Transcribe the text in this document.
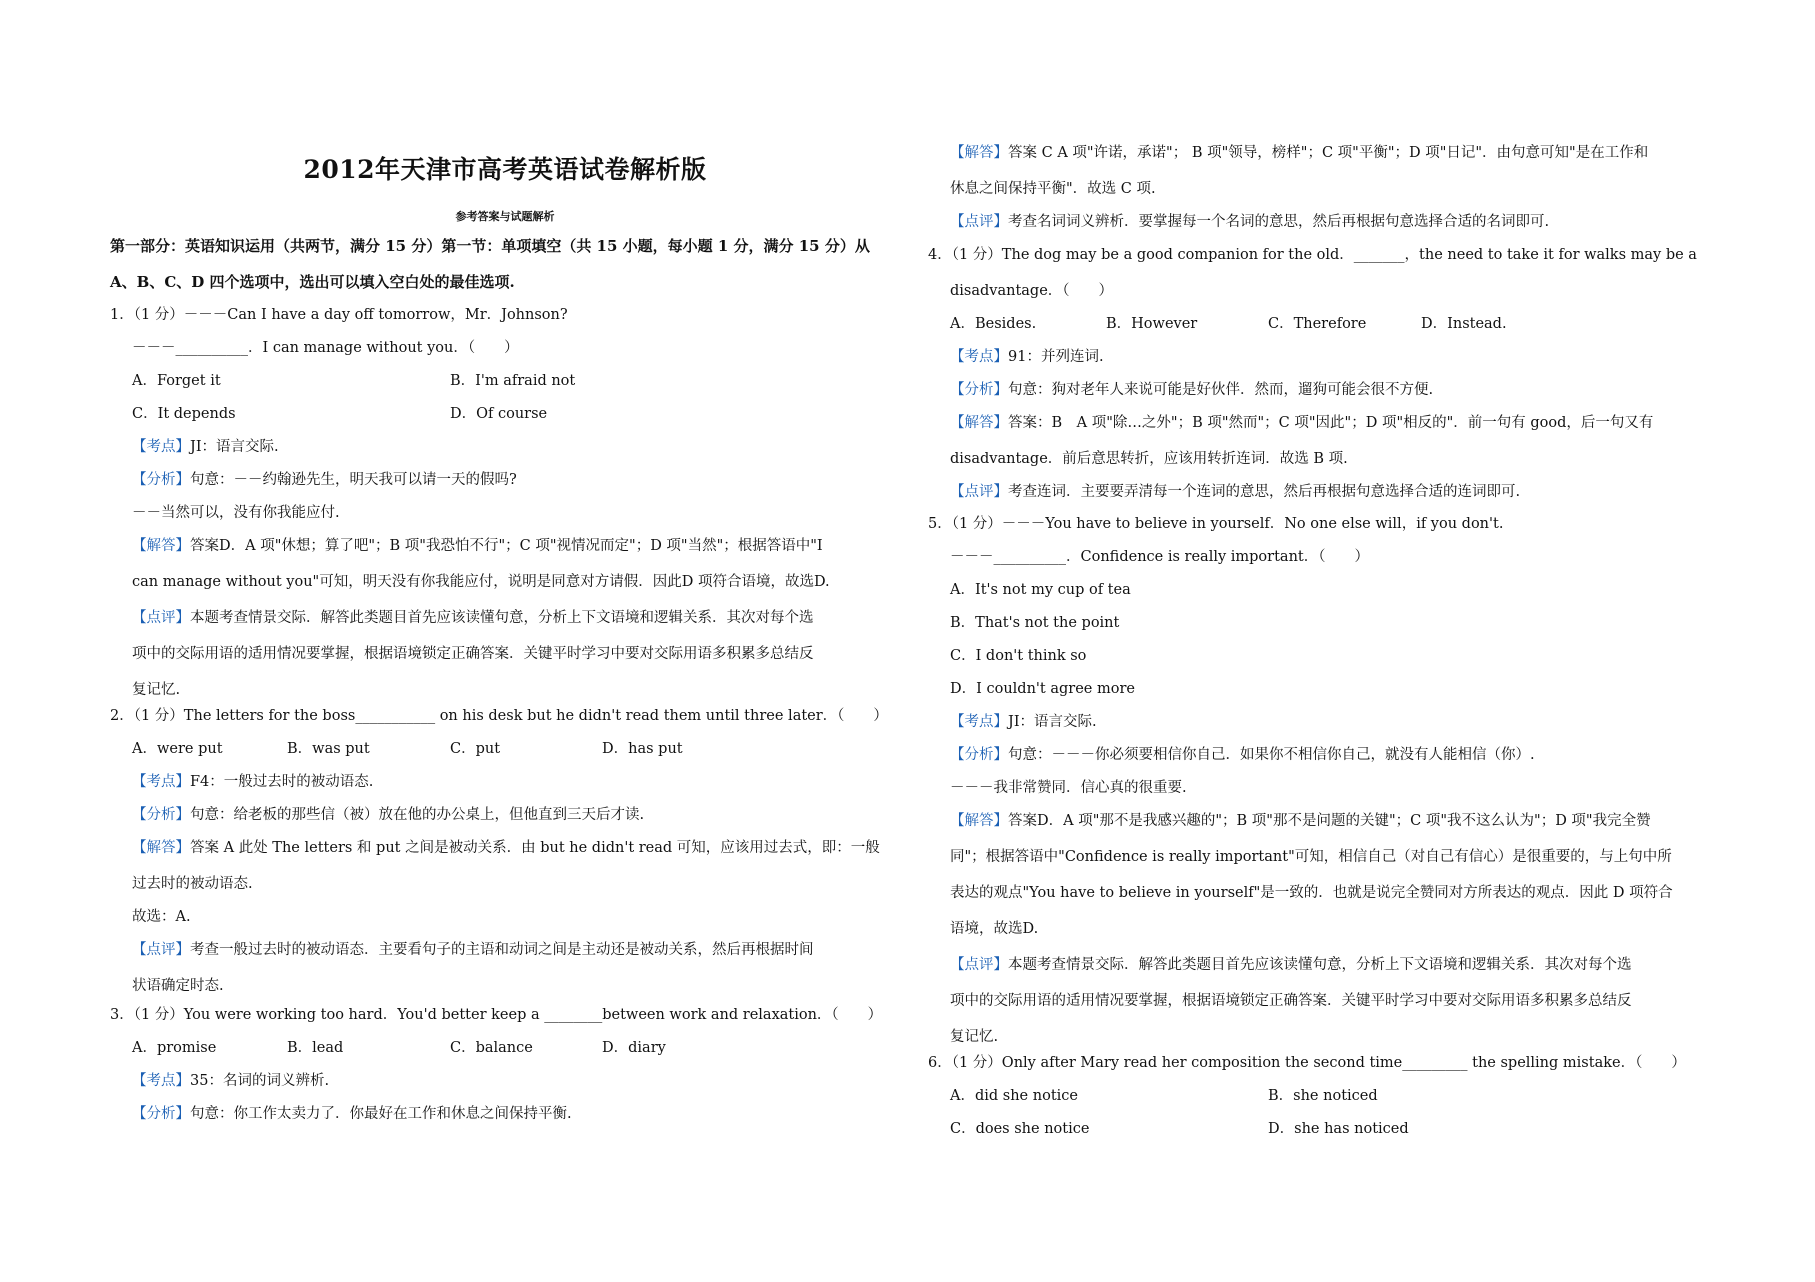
2012年天津市高考英语试卷解析版
参考答案与试题解析
第一部分：英语知识运用（共两节，满分 15 分）第一节：单项填空（共 15 小题，每小题 1 分，满分 15 分）从
A、B、C、D 四个选项中，选出可以填入空白处的最佳选项.
1．（1 分）－－－Can I have a day off tomorrow，Mr．Johnson?
－－－__________．I can manage without you．（　　）
A．Forget it	B．I'm afraid not
C．It depends	D．Of course
【考点】JI：语言交际.
【分析】句意：－－约翰逊先生，明天我可以请一天的假吗?
－－当然可以，没有你我能应付.
【解答】答案D．A 项"休想；算了吧"；B 项"我恐怕不行"；C 项"视情况而定"；D 项"当然"；根据答语中"I
can manage without you"可知，明天没有你我能应付，说明是同意对方请假．因此D 项符合语境，故选D.
【点评】本题考查情景交际．解答此类题目首先应该读懂句意，分析上下文语境和逻辑关系．其次对每个选
项中的交际用语的适用情况要掌握，根据语境锁定正确答案．关键平时学习中要对交际用语多积累多总结反
复记忆.
2．（1 分）The letters for the boss___________ on his desk but he didn't read them until three later．（　　）
A．were put	B．was put	C．put	D．has put
【考点】F4：一般过去时的被动语态.
【分析】句意：给老板的那些信（被）放在他的办公桌上，但他直到三天后才读.
【解答】答案 A 此处 The letters 和 put 之间是被动关系．由 but he didn't read 可知，应该用过去式，即：一般
过去时的被动语态.
故选：A.
【点评】考查一般过去时的被动语态．主要看句子的主语和动词之间是主动还是被动关系，然后再根据时间
状语确定时态.
3．（1 分）You were working too hard．You'd better keep a ________between work and relaxation．（　　）
A．promise	B．lead	C．balance	D．diary
【考点】35：名词的词义辨析.
【分析】句意：你工作太卖力了．你最好在工作和休息之间保持平衡.
【解答】答案 C A 项"许诺，承诺"； B 项"领导，榜样"；C 项"平衡"；D 项"日记"．由句意可知"是在工作和
休息之间保持平衡"．故选 C 项.
【点评】考查名词词义辨析．要掌握每一个名词的意思，然后再根据句意选择合适的名词即可.
4．（1 分）The dog may be a good companion for the old．_______，the need to take it for walks may be a
disadvantage．（　　）
A．Besides.	B．However	C．Therefore	D．Instead.
【考点】91：并列连词.
【分析】句意：狗对老年人来说可能是好伙伴．然而，遛狗可能会很不方便.
【解答】答案：B　A 项"除…之外"；B 项"然而"；C 项"因此"；D 项"相反的"．前一句有 good，后一句又有
disadvantage．前后意思转折，应该用转折连词．故选 B 项.
【点评】考查连词．主要要弄清每一个连词的意思，然后再根据句意选择合适的连词即可.
5．（1 分）－－－You have to believe in yourself．No one else will，if you don't.
－－－__________．Confidence is really important．（　　）
A．It's not my cup of tea
B．That's not the point
C．I don't think so
D．I couldn't agree more
【考点】JI：语言交际.
【分析】句意：－－－你必须要相信你自己．如果你不相信你自己，就没有人能相信（你）.
－－－我非常赞同．信心真的很重要.
【解答】答案D．A 项"那不是我感兴趣的"；B 项"那不是问题的关键"；C 项"我不这么认为"；D 项"我完全赞
同"；根据答语中"Confidence is really important"可知，相信自己（对自己有信心）是很重要的，与上句中所
表达的观点"You have to believe in yourself"是一致的．也就是说完全赞同对方所表达的观点．因此 D 项符合
语境，故选D.
【点评】本题考查情景交际．解答此类题目首先应该读懂句意，分析上下文语境和逻辑关系．其次对每个选
项中的交际用语的适用情况要掌握，根据语境锁定正确答案．关键平时学习中要对交际用语多积累多总结反
复记忆.
6．（1 分）Only after Mary read her composition the second time_________ the spelling mistake．（　　）
A．did she notice	B．she noticed
C．does she notice	D．she has noticed
